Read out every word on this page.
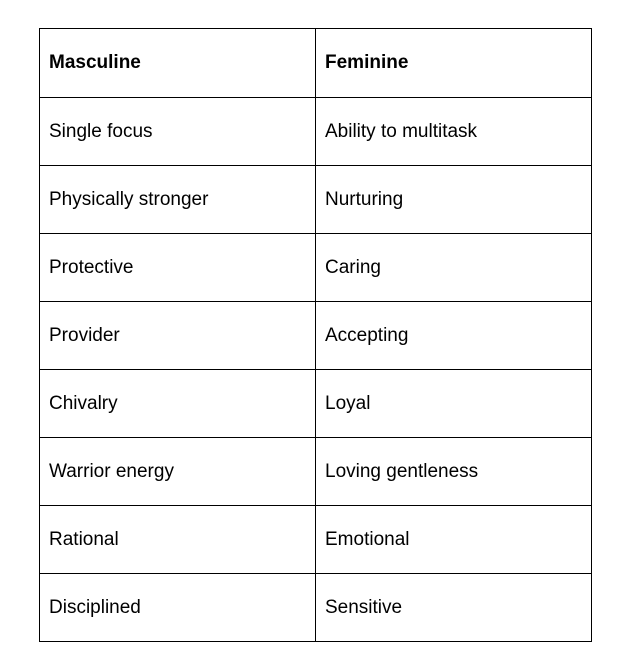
Masculine	Feminine
Single focus	Ability to multitask
Physically stronger	Nurturing
Protective	Caring
Provider	Accepting
Chivalry	Loyal
Warrior energy	Loving gentleness
Rational	Emotional
Disciplined	Sensitive
